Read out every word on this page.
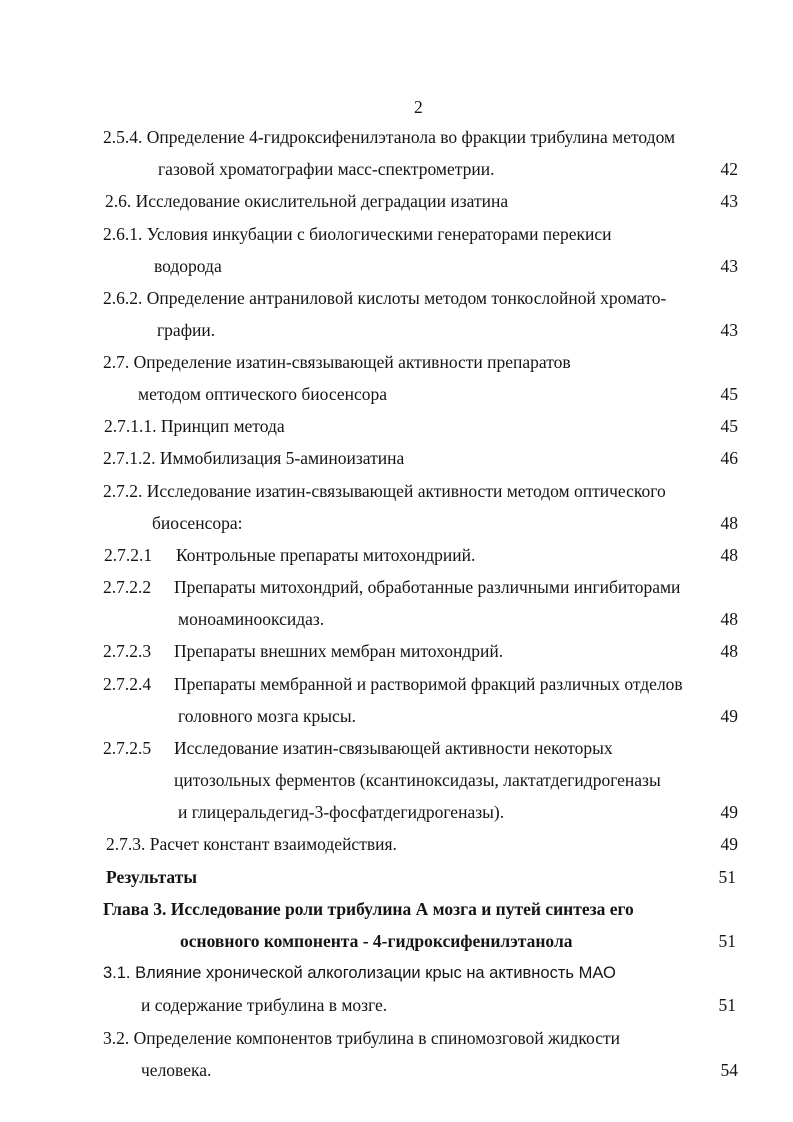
2
2.5.4. Определение 4-гидроксифенилэтанола во фракции трибулина методом
газовой хроматографии масс-спектрометрии.	42
2.6. Исследование окислительной деградации изатина	43
2.6.1. Условия инкубации с биологическими генераторами перекиси
водорода	43
2.6.2. Определение антраниловой кислоты методом тонкослойной хромато-
графии.	43
2.7. Определение изатин-связывающей активности препаратов
методом оптического биосенсора	45
2.7.1.1. Принцип метода	45
2.7.1.2. Иммобилизация 5-аминоизатина	46
2.7.2. Исследование изатин-связывающей активности методом оптического
биосенсора:	48
2.7.2.1 Контрольные препараты митохондриий.	48
2.7.2.2 Препараты митохондрий, обработанные различными ингибиторами
моноаминооксидаз.	48
2.7.2.3 Препараты внешних мембран митохондрий.	48
2.7.2.4 Препараты мембранной и растворимой фракций различных отделов
головного мозга крысы.	49
2.7.2.5 Исследование изатин-связывающей активности некоторых
цитозольных ферментов (ксантиноксидазы, лактатдегидрогеназы
и глицеральдегид-3-фосфатдегидрогеназы).	49
2.7.3. Расчет констант взаимодействия.	49
Результаты	51
Глава 3. Исследование роли трибулина А мозга и путей синтеза его
основного компонента - 4-гидроксифенилэтанола	51
3.1. Влияние хронической алкоголизации крыс на активность МАО
и содержание трибулина в мозге.	51
3.2. Определение компонентов трибулина в спиномозговой жидкости
человека.	54
